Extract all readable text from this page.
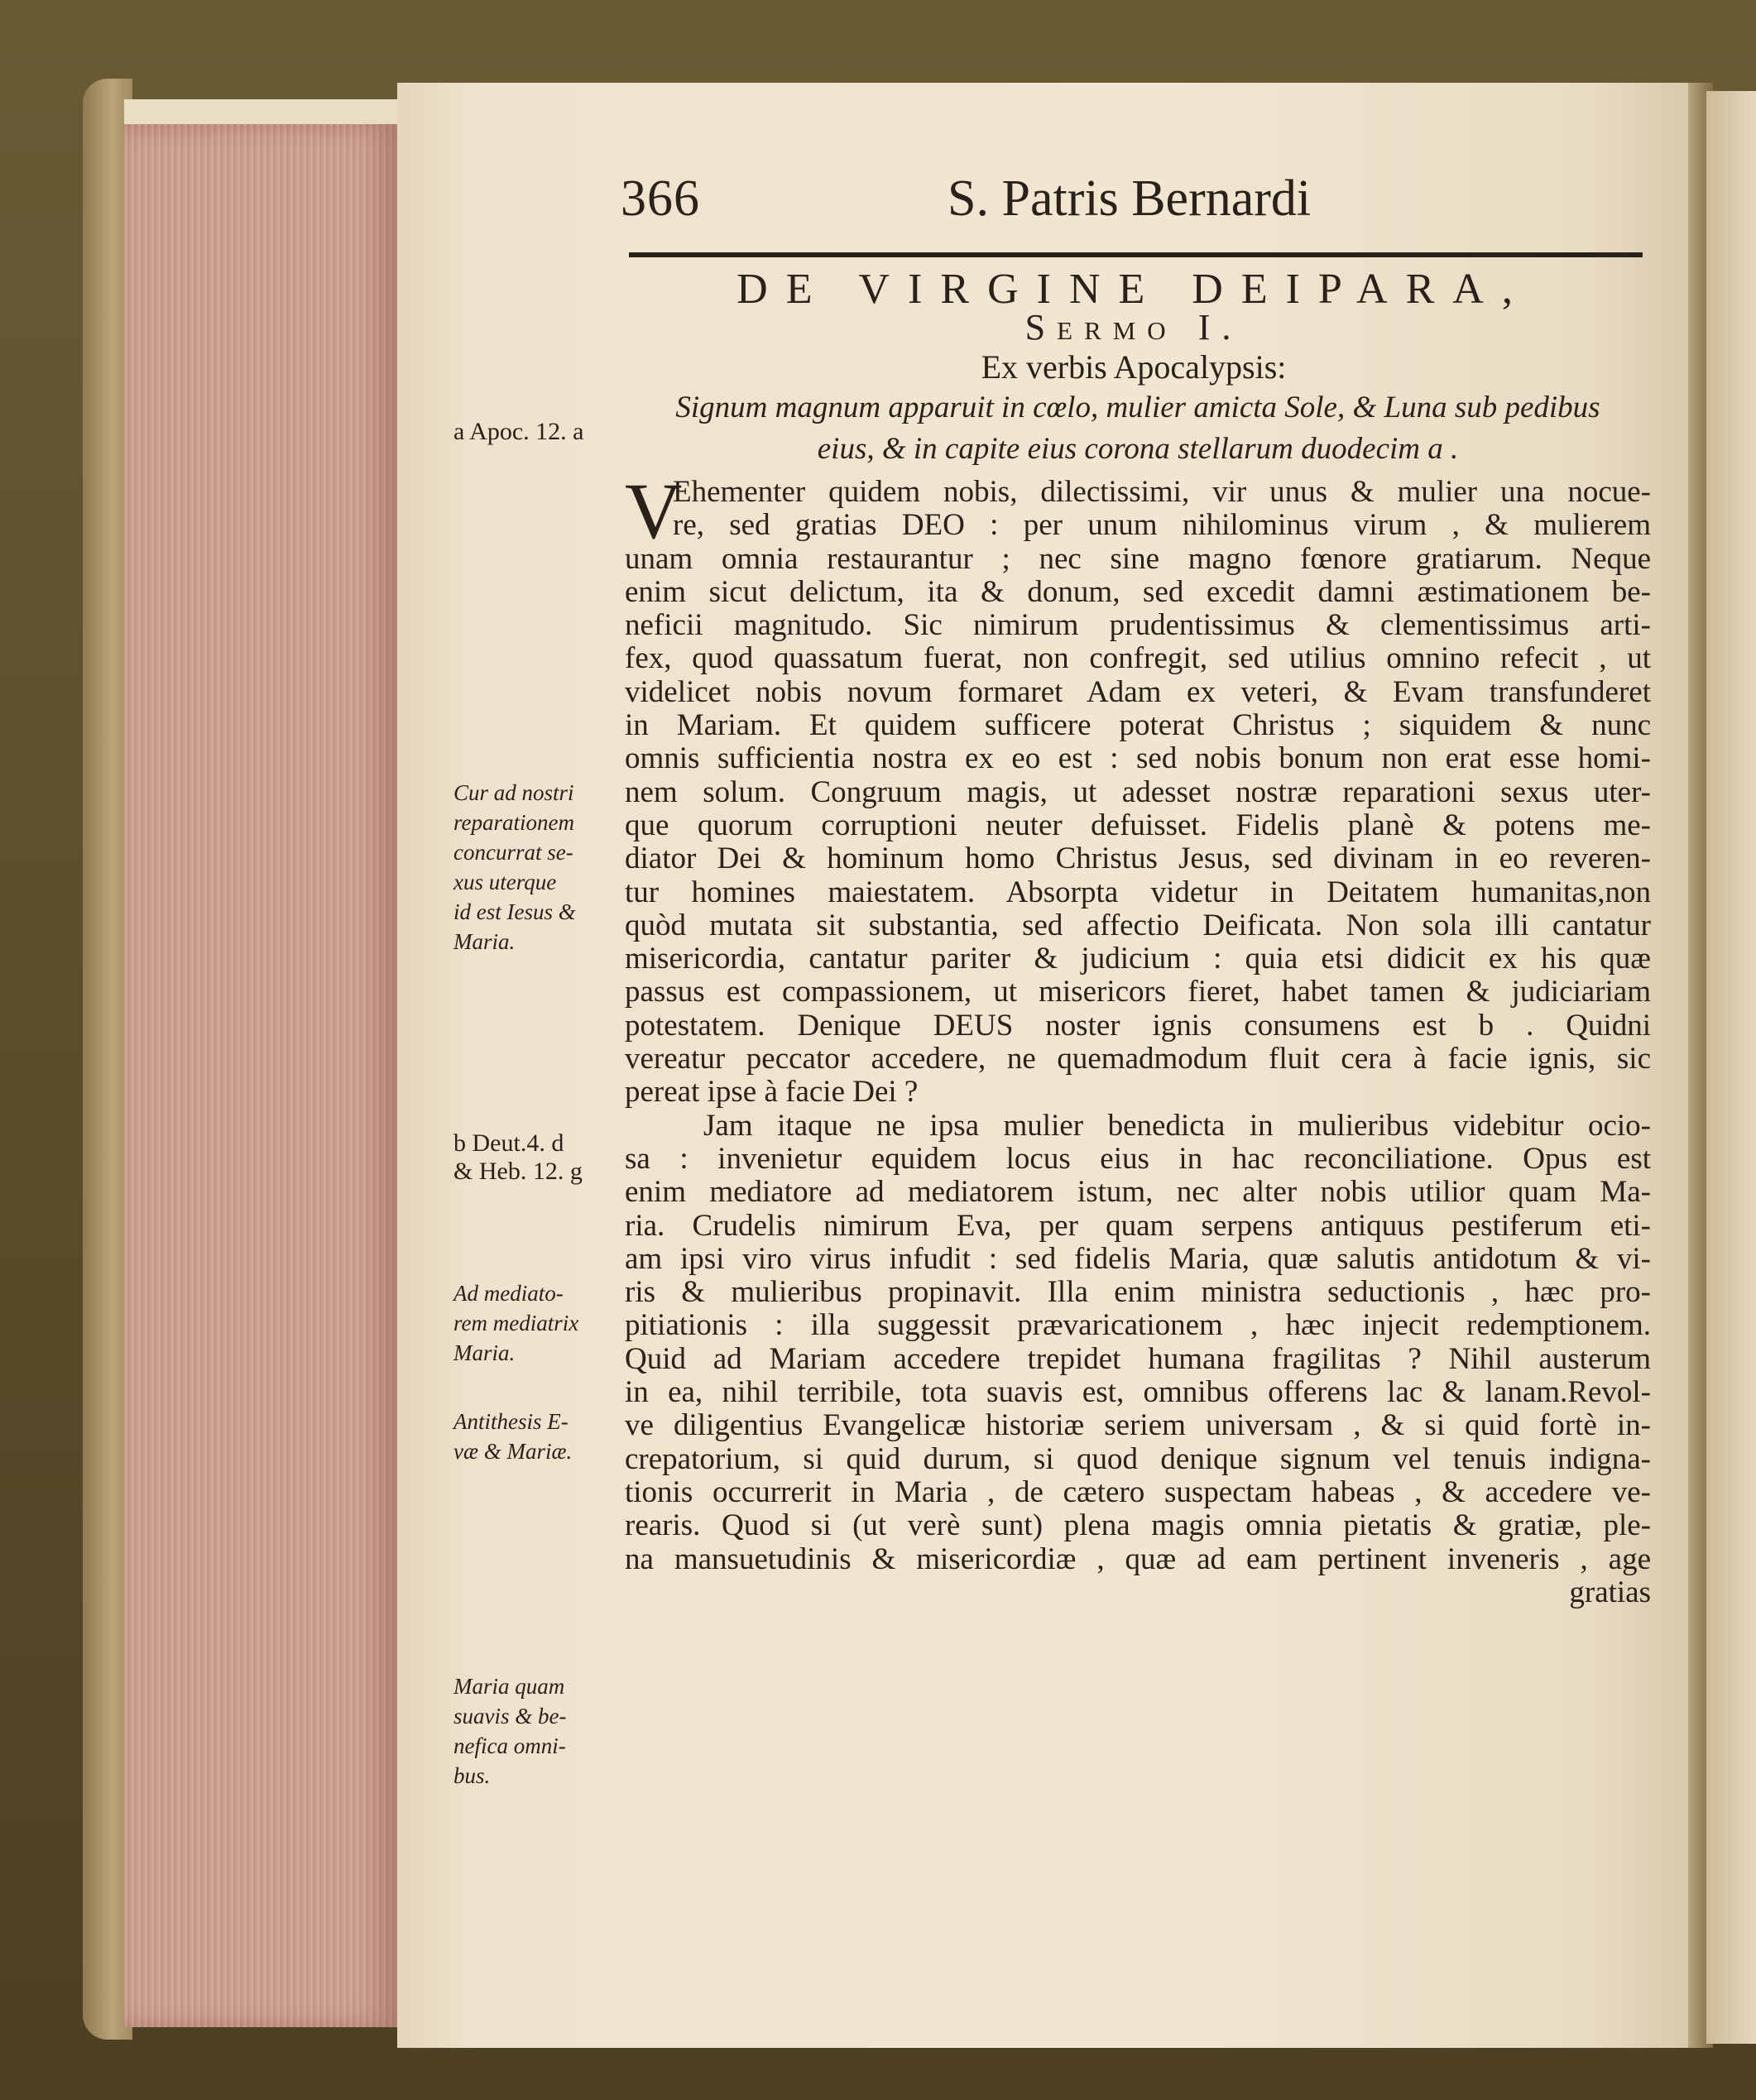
366	S. Patris Bernardi
DE VIRGINE DEIPARA,
Sermo I.
Ex verbis Apocalypsis:
Signum magnum apparuit in cœlo, mulier amicta Sole, & Luna sub pedibus
eius, & in capite eius corona stellarum duodecim a .
V
Ehementer quidem nobis, dilectissimi, vir unus & mulier una nocue-
re, sed gratias DEO : per unum nihilominus virum , & mulierem
unam omnia restaurantur ; nec sine magno fœnore gratiarum. Neque
enim sicut delictum, ita & donum, sed excedit damni æstimationem be-
neficii magnitudo. Sic nimirum prudentissimus & clementissimus arti-
fex, quod quassatum fuerat, non confregit, sed utilius omnino refecit , ut
videlicet nobis novum formaret Adam ex veteri, & Evam transfunderet
in Mariam. Et quidem sufficere poterat Christus ; siquidem & nunc
omnis sufficientia nostra ex eo est : sed nobis bonum non erat esse homi-
nem solum. Congruum magis, ut adesset nostræ reparationi sexus uter-
que quorum corruptioni neuter defuisset. Fidelis planè & potens me-
diator Dei & hominum homo Christus Jesus, sed divinam in eo reveren-
tur homines maiestatem. Absorpta videtur in Deitatem humanitas,non
quòd mutata sit substantia, sed affectio Deificata. Non sola illi cantatur
misericordia, cantatur pariter & judicium : quia etsi didicit ex his quæ
passus est compassionem, ut misericors fieret, habet tamen & judiciariam
potestatem. Denique DEUS noster ignis consumens est b . Quidni
vereatur peccator accedere, ne quemadmodum fluit cera à facie ignis, sic
pereat ipse à facie Dei ?
Jam itaque ne ipsa mulier benedicta in mulieribus videbitur ocio-
sa : invenietur equidem locus eius in hac reconciliatione. Opus est
enim mediatore ad mediatorem istum, nec alter nobis utilior quam Ma-
ria. Crudelis nimirum Eva, per quam serpens antiquus pestiferum eti-
am ipsi viro virus infudit : sed fidelis Maria, quæ salutis antidotum & vi-
ris & mulieribus propinavit. Illa enim ministra seductionis , hæc pro-
pitiationis : illa suggessit prævaricationem , hæc injecit redemptionem.
Quid ad Mariam accedere trepidet humana fragilitas ? Nihil austerum
in ea, nihil terribile, tota suavis est, omnibus offerens lac & lanam.Revol-
ve diligentius Evangelicæ historiæ seriem universam , & si quid fortè in-
crepatorium, si quid durum, si quod denique signum vel tenuis indigna-
tionis occurrerit in Maria , de cætero suspectam habeas , & accedere ve-
rearis. Quod si (ut verè sunt) plena magis omnia pietatis & gratiæ, ple-
na mansuetudinis & misericordiæ , quæ ad eam pertinent inveneris , age
gratias
a Apoc. 12. a
Cur ad nostri
reparationem
concurrat se-
xus uterque
id est Iesus &
Maria.
b Deut.4. d
& Heb. 12. g
Ad mediato-
rem mediatrix
Maria.
Antithesis E-
væ & Mariæ.
Maria quam
suavis & be-
nefica omni-
bus.
